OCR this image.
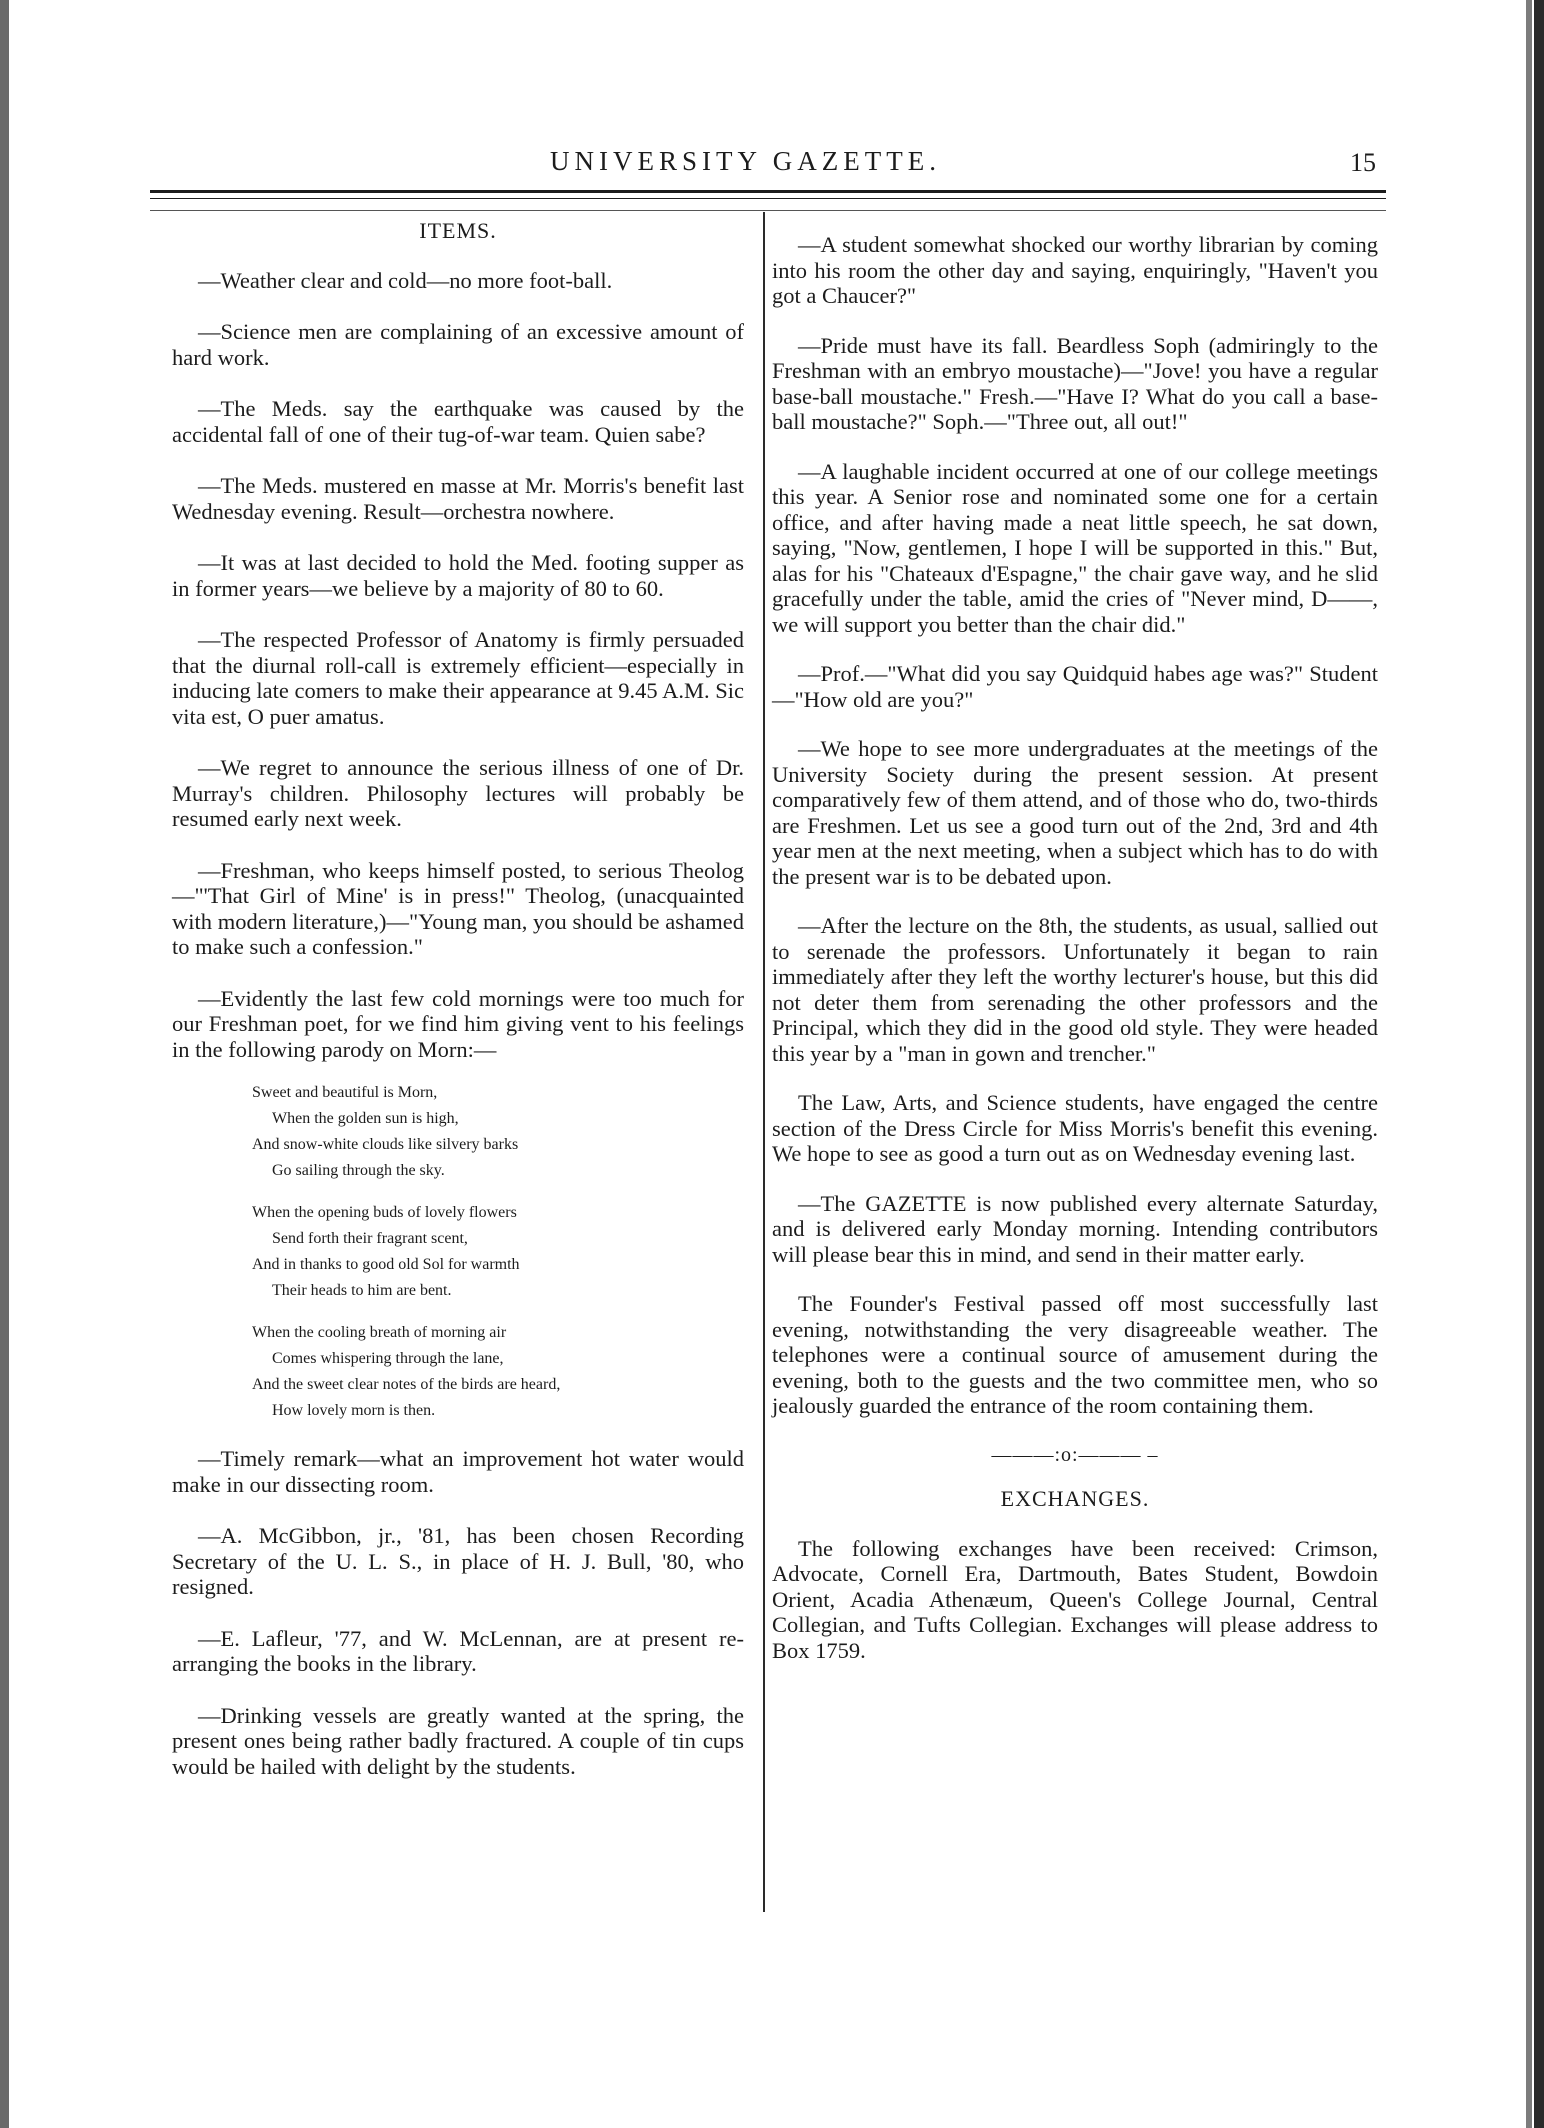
UNIVERSITY GAZETTE.	15
ITEMS.

—Weather clear and cold—no more foot-ball.

—Science men are complaining of an excessive amount of hard work.

—The Meds. say the earthquake was caused by the accidental fall of one of their tug-of-war team. Quien sabe?

—The Meds. mustered en masse at Mr. Morris's benefit last Wednesday evening. Result—orchestra nowhere.

—It was at last decided to hold the Med. footing supper as in former years—we believe by a majority of 80 to 60.

—The respected Professor of Anatomy is firmly persuaded that the diurnal roll-call is extremely efficient—especially in inducing late comers to make their appearance at 9.45 A.M. Sic vita est, O puer amatus.

—We regret to announce the serious illness of one of Dr. Murray's children. Philosophy lectures will probably be resumed early next week.

—Freshman, who keeps himself posted, to serious Theolog—"'That Girl of Mine' is in press!" Theolog, (unacquainted with modern literature,)—"Young man, you should be ashamed to make such a confession."

—Evidently the last few cold mornings were too much for our Freshman poet, for we find him giving vent to his feelings in the following parody on Morn:—

Sweet and beautiful is Morn,
When the golden sun is high,
And snow-white clouds like silvery barks
Go sailing through the sky.
When the opening buds of lovely flowers
Send forth their fragrant scent,
And in thanks to good old Sol for warmth
Their heads to him are bent.
When the cooling breath of morning air
Comes whispering through the lane,
And the sweet clear notes of the birds are heard,
How lovely morn is then.

—Timely remark—what an improvement hot water would make in our dissecting room.

—A. McGibbon, jr., '81, has been chosen Recording Secretary of the U. L. S., in place of H. J. Bull, '80, who resigned.

—E. Lafleur, '77, and W. McLennan, are at present re-arranging the books in the library.

—Drinking vessels are greatly wanted at the spring, the present ones being rather badly fractured. A couple of tin cups would be hailed with delight by the students.

—A student somewhat shocked our worthy librarian by coming into his room the other day and saying, enquiringly, "Haven't you got a Chaucer?"

—Pride must have its fall. Beardless Soph (admiringly to the Freshman with an embryo moustache)—"Jove! you have a regular base-ball moustache." Fresh.—"Have I? What do you call a base-ball moustache?" Soph.—"Three out, all out!"

—A laughable incident occurred at one of our college meetings this year. A Senior rose and nominated some one for a certain office, and after having made a neat little speech, he sat down, saying, "Now, gentlemen, I hope I will be supported in this." But, alas for his "Chateaux d'Espagne," the chair gave way, and he slid gracefully under the table, amid the cries of "Never mind, D——, we will support you better than the chair did."

—Prof.—"What did you say Quidquid habes age was?" Student—"How old are you?"

—We hope to see more undergraduates at the meetings of the University Society during the present session. At present comparatively few of them attend, and of those who do, two-thirds are Freshmen. Let us see a good turn out of the 2nd, 3rd and 4th year men at the next meeting, when a subject which has to do with the present war is to be debated upon.

—After the lecture on the 8th, the students, as usual, sallied out to serenade the professors. Unfortunately it began to rain immediately after they left the worthy lecturer's house, but this did not deter them from serenading the other professors and the Principal, which they did in the good old style. They were headed this year by a "man in gown and trencher."

The Law, Arts, and Science students, have engaged the centre section of the Dress Circle for Miss Morris's benefit this evening. We hope to see as good a turn out as on Wednesday evening last.

—The GAZETTE is now published every alternate Saturday, and is delivered early Monday morning. Intending contributors will please bear this in mind, and send in their matter early.

The Founder's Festival passed off most successfully last evening, notwithstanding the very disagreeable weather. The telephones were a continual source of amusement during the evening, both to the guests and the two committee men, who so jealously guarded the entrance of the room containing them.

———:o:——— –
EXCHANGES.

The following exchanges have been received: Crimson, Advocate, Cornell Era, Dartmouth, Bates Student, Bowdoin Orient, Acadia Athenæum, Queen's College Journal, Central Collegian, and Tufts Collegian. Exchanges will please address to Box 1759.
